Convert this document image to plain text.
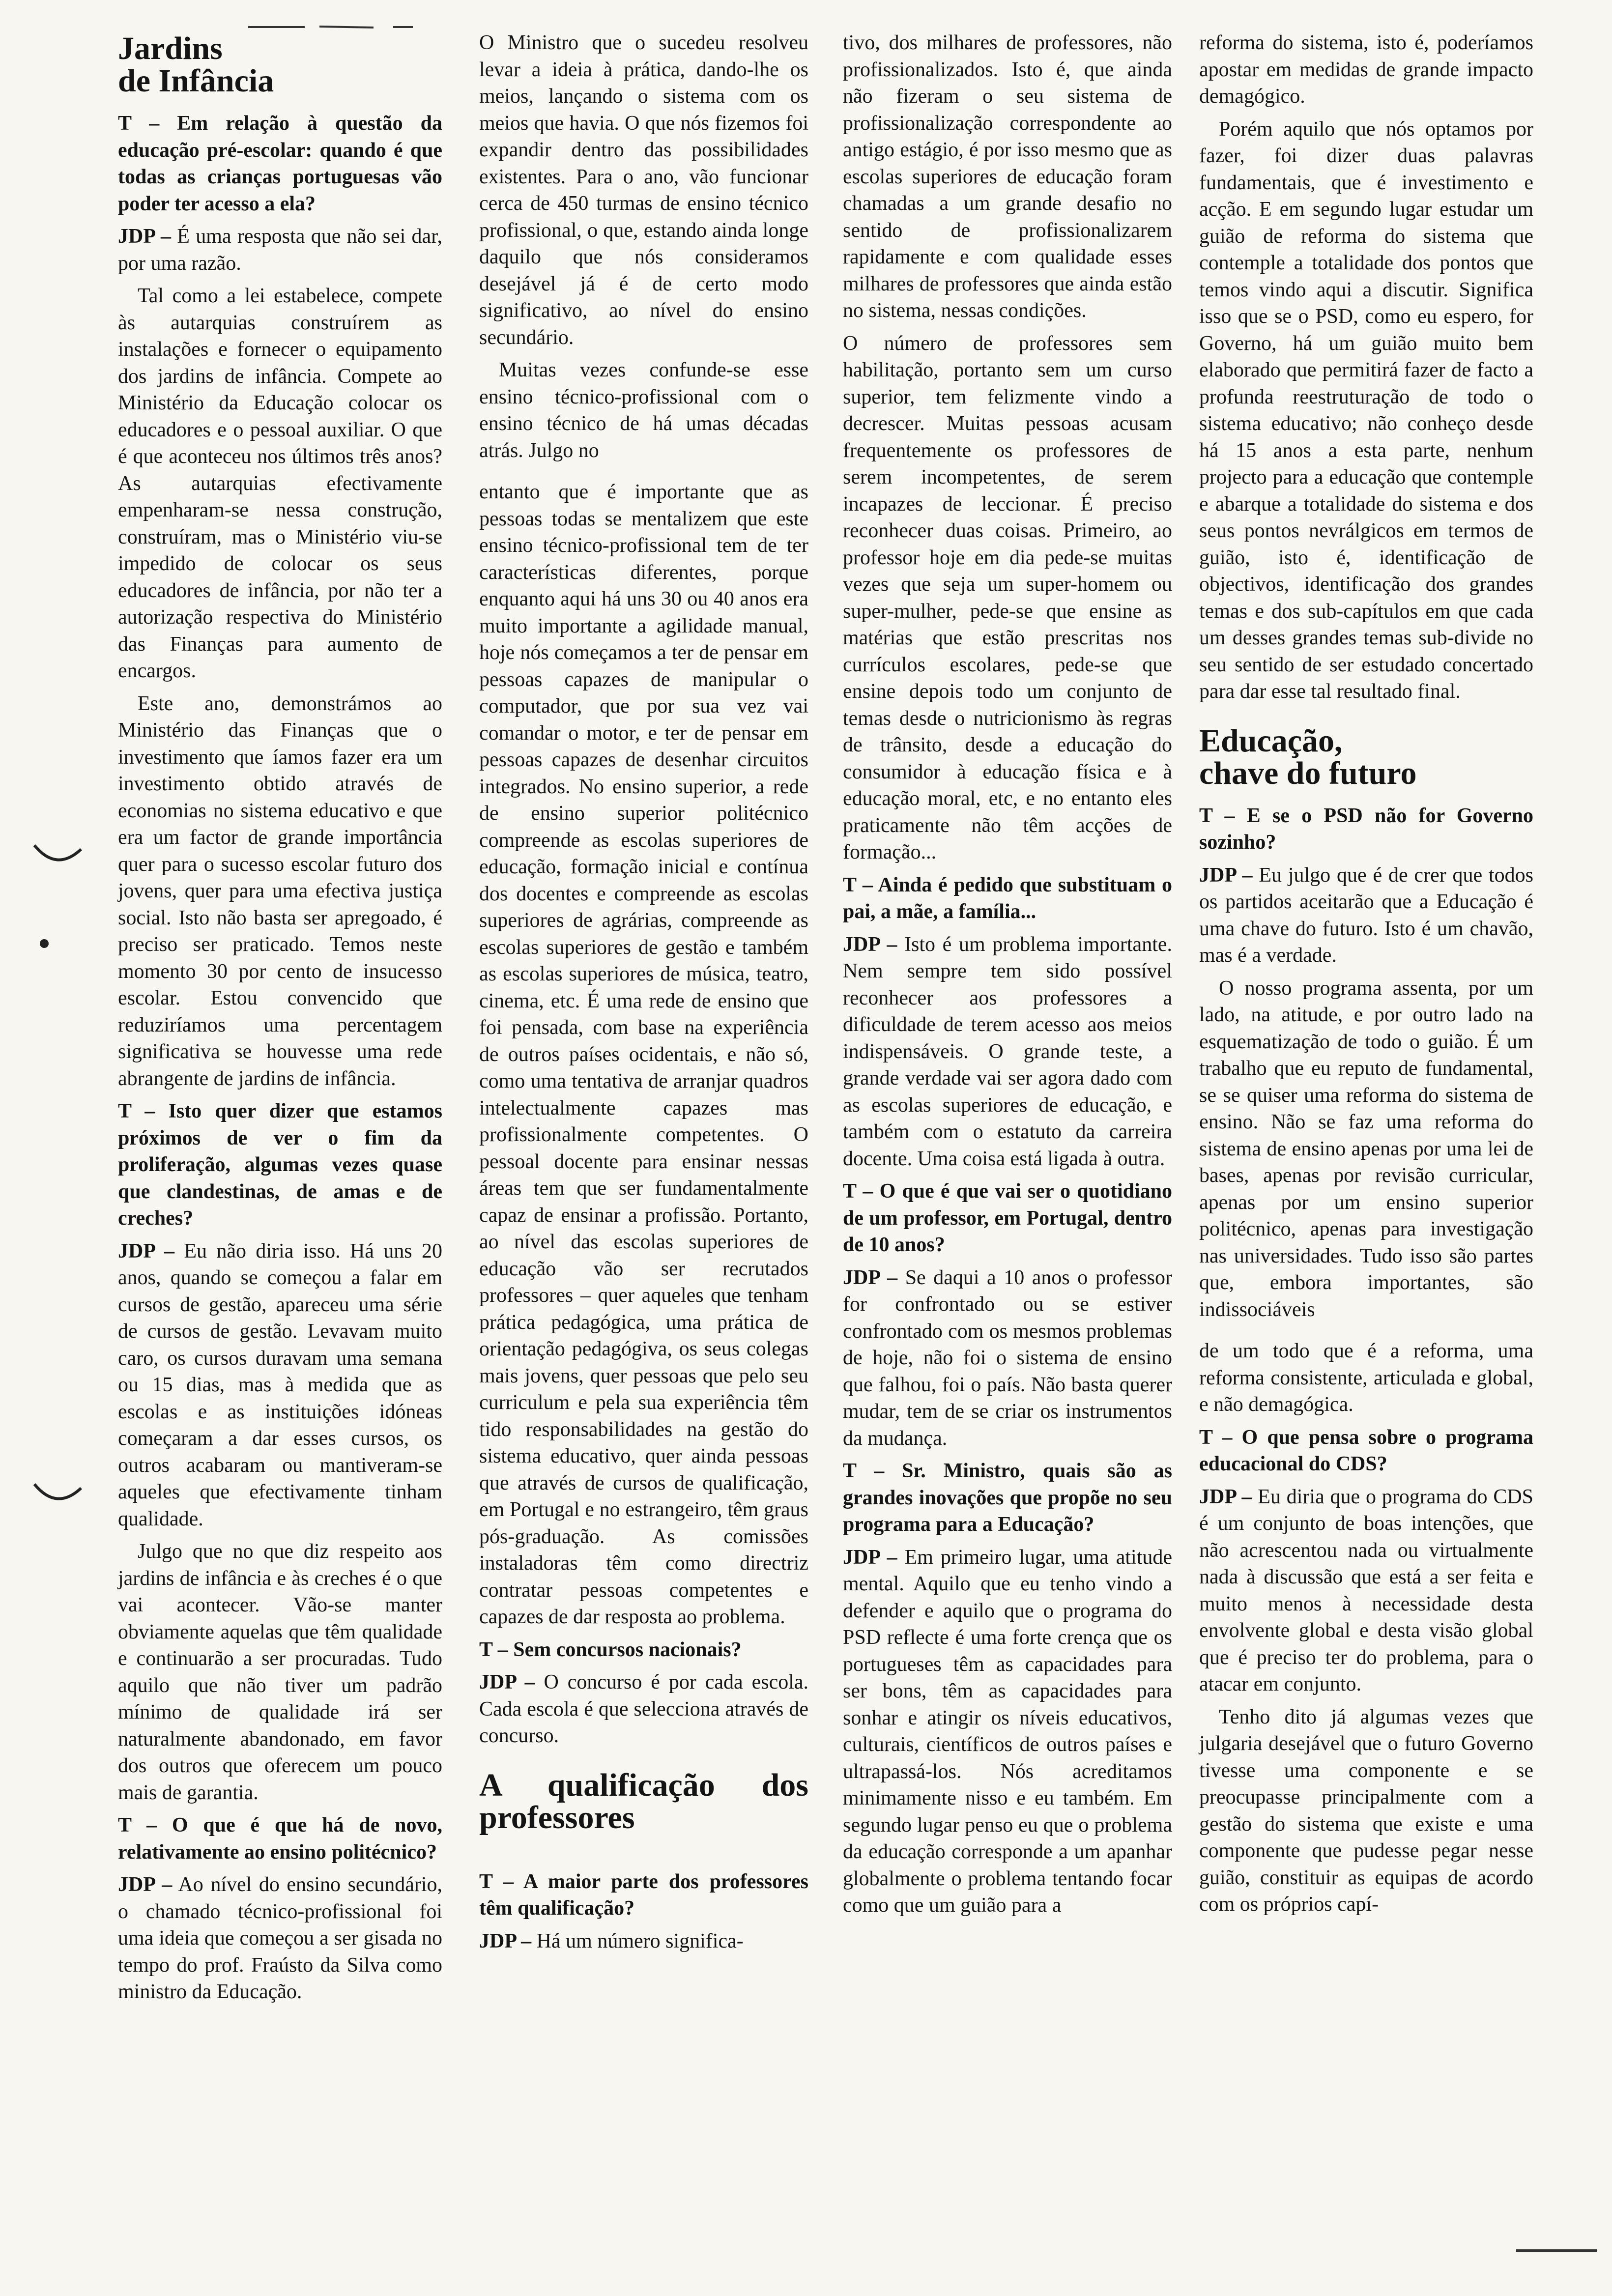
Jardins
de Infância

T – Em relação à questão da educação pré-escolar: quando é que todas as crianças portuguesas vão poder ter acesso a ela?

JDP – É uma resposta que não sei dar, por uma razão.

Tal como a lei estabelece, compete às autarquias construírem as instalações e fornecer o equipamento dos jardins de infância. Compete ao Ministério da Educação colocar os educadores e o pessoal auxiliar. O que é que aconteceu nos últimos três anos? As autarquias efectivamente empenharam-se nessa construção, construíram, mas o Ministério viu-se impedido de colocar os seus educadores de infância, por não ter a autorização respectiva do Ministério das Finanças para aumento de encargos.

Este ano, demonstrámos ao Ministério das Finanças que o investimento que íamos fazer era um investimento obtido através de economias no sistema educativo e que era um factor de grande importância quer para o sucesso escolar futuro dos jovens, quer para uma efectiva justiça social. Isto não basta ser apregoado, é preciso ser praticado. Temos neste momento 30 por cento de insucesso escolar. Estou convencido que reduziríamos uma percentagem significativa se houvesse uma rede abrangente de jardins de infância.

T – Isto quer dizer que estamos próximos de ver o fim da proliferação, algumas vezes quase que clandestinas, de amas e de creches?

JDP – Eu não diria isso. Há uns 20 anos, quando se começou a falar em cursos de gestão, apareceu uma série de cursos de gestão. Levavam muito caro, os cursos duravam uma semana ou 15 dias, mas à medida que as escolas e as instituições idóneas começaram a dar esses cursos, os outros acabaram ou mantiveram-se aqueles que efectivamente tinham qualidade.

Julgo que no que diz respeito aos jardins de infância e às creches é o que vai acontecer. Vão-se manter obviamente aquelas que têm qualidade e continuarão a ser procuradas. Tudo aquilo que não tiver um padrão mínimo de qualidade irá ser naturalmente abandonado, em favor dos outros que oferecem um pouco mais de garantia.

T – O que é que há de novo, relativamente ao ensino politécnico?

JDP – Ao nível do ensino secundário, o chamado técnico-profissional foi uma ideia que começou a ser gisada no tempo do prof. Fraústo da Silva como ministro da Educação.

O Ministro que o sucedeu resolveu levar a ideia à prática, dando-lhe os meios, lançando o sistema com os meios que havia. O que nós fizemos foi expandir dentro das possibilidades existentes. Para o ano, vão funcionar cerca de 450 turmas de ensino técnico profissional, o que, estando ainda longe daquilo que nós consideramos desejável já é de certo modo significativo, ao nível do ensino secundário.

Muitas vezes confunde-se esse ensino técnico-profissional com o ensino técnico de há umas décadas atrás. Julgo no

entanto que é importante que as pessoas todas se mentalizem que este ensino técnico-profissional tem de ter características diferentes, porque enquanto aqui há uns 30 ou 40 anos era muito importante a agilidade manual, hoje nós começamos a ter de pensar em pessoas capazes de manipular o computador, que por sua vez vai comandar o motor, e ter de pensar em pessoas capazes de desenhar circuitos integrados. No ensino superior, a rede de ensino superior politécnico compreende as escolas superiores de educação, formação inicial e contínua dos docentes e compreende as escolas superiores de agrárias, compreende as escolas superiores de gestão e também as escolas superiores de música, teatro, cinema, etc. É uma rede de ensino que foi pensada, com base na experiência de outros países ocidentais, e não só, como uma tentativa de arranjar quadros intelectualmente capazes mas profissionalmente competentes. O pessoal docente para ensinar nessas áreas tem que ser fundamentalmente capaz de ensinar a profissão. Portanto, ao nível das escolas superiores de educação vão ser recrutados professores – quer aqueles que tenham prática pedagógica, uma prática de orientação pedagógiva, os seus colegas mais jovens, quer pessoas que pelo seu curriculum e pela sua experiência têm tido responsabilidades na gestão do sistema educativo, quer ainda pessoas que através de cursos de qualificação, em Portugal e no estrangeiro, têm graus pós-graduação. As comissões instaladoras têm como directriz contratar pessoas competentes e capazes de dar resposta ao problema.

T – Sem concursos nacionais?

JDP – O concurso é por cada escola. Cada escola é que selecciona através de concurso.

A qualificação dos
professores

T – A maior parte dos professores têm qualificação?

JDP – Há um número significa-

tivo, dos milhares de professores, não profissionalizados. Isto é, que ainda não fizeram o seu sistema de profissionalização correspondente ao antigo estágio, é por isso mesmo que as escolas superiores de educação foram chamadas a um grande desafio no sentido de profissionalizarem rapidamente e com qualidade esses milhares de professores que ainda estão no sistema, nessas condições.

O número de professores sem habilitação, portanto sem um curso superior, tem felizmente vindo a decrescer. Muitas pessoas acusam frequentemente os professores de serem incompetentes, de serem incapazes de leccionar. É preciso reconhecer duas coisas. Primeiro, ao professor hoje em dia pede-se muitas vezes que seja um super-homem ou super-mulher, pede-se que ensine as matérias que estão prescritas nos currículos escolares, pede-se que ensine depois todo um conjunto de temas desde o nutricionismo às regras de trânsito, desde a educação do consumidor à educação física e à educação moral, etc, e no entanto eles praticamente não têm acções de formação...

T – Ainda é pedido que substituam o pai, a mãe, a família...

JDP – Isto é um problema importante. Nem sempre tem sido possível reconhecer aos professores a dificuldade de terem acesso aos meios indispensáveis. O grande teste, a grande verdade vai ser agora dado com as escolas superiores de educação, e também com o estatuto da carreira docente. Uma coisa está ligada à outra.

T – O que é que vai ser o quotidiano de um professor, em Portugal, dentro de 10 anos?

JDP – Se daqui a 10 anos o professor for confrontado ou se estiver confrontado com os mesmos problemas de hoje, não foi o sistema de ensino que falhou, foi o país. Não basta querer mudar, tem de se criar os instrumentos da mudança.

T – Sr. Ministro, quais são as grandes inovações que propõe no seu programa para a Educação?

JDP – Em primeiro lugar, uma atitude mental. Aquilo que eu tenho vindo a defender e aquilo que o programa do PSD reflecte é uma forte crença que os portugueses têm as capacidades para ser bons, têm as capacidades para sonhar e atingir os níveis educativos, culturais, científicos de outros países e ultrapassá-los. Nós acreditamos minimamente nisso e eu também. Em segundo lugar penso eu que o problema da educação corresponde a um apanhar globalmente o problema tentando focar como que um guião para a

reforma do sistema, isto é, poderíamos apostar em medidas de grande impacto demagógico.

Porém aquilo que nós optamos por fazer, foi dizer duas palavras fundamentais, que é investimento e acção. E em segundo lugar estudar um guião de reforma do sistema que contemple a totalidade dos pontos que temos vindo aqui a discutir. Significa isso que se o PSD, como eu espero, for Governo, há um guião muito bem elaborado que permitirá fazer de facto a profunda reestruturação de todo o sistema educativo; não conheço desde há 15 anos a esta parte, nenhum projecto para a educação que contemple e abarque a totalidade do sistema e dos seus pontos nevrálgicos em termos de guião, isto é, identificação de objectivos, identificação dos grandes temas e dos sub-capítulos em que cada um desses grandes temas sub-divide no seu sentido de ser estudado concertado para dar esse tal resultado final.

Educação,
chave do futuro

T – E se o PSD não for Governo sozinho?

JDP – Eu julgo que é de crer que todos os partidos aceitarão que a Educação é uma chave do futuro. Isto é um chavão, mas é a verdade.

O nosso programa assenta, por um lado, na atitude, e por outro lado na esquematização de todo o guião. É um trabalho que eu reputo de fundamental, se se quiser uma reforma do sistema de ensino. Não se faz uma reforma do sistema de ensino apenas por uma lei de bases, apenas por revisão curricular, apenas por um ensino superior politécnico, apenas para investigação nas universidades. Tudo isso são partes que, embora importantes, são indissociáveis

de um todo que é a reforma, uma reforma consistente, articulada e global, e não demagógica.

T – O que pensa sobre o programa educacional do CDS?

JDP – Eu diria que o programa do CDS é um conjunto de boas intenções, que não acrescentou nada ou virtualmente nada à discussão que está a ser feita e muito menos à necessidade desta envolvente global e desta visão global que é preciso ter do problema, para o atacar em conjunto.

Tenho dito já algumas vezes que julgaria desejável que o futuro Governo tivesse uma componente e se preocupasse principalmente com a gestão do sistema que existe e uma componente que pudesse pegar nesse guião, constituir as equipas de acordo com os próprios capí-
